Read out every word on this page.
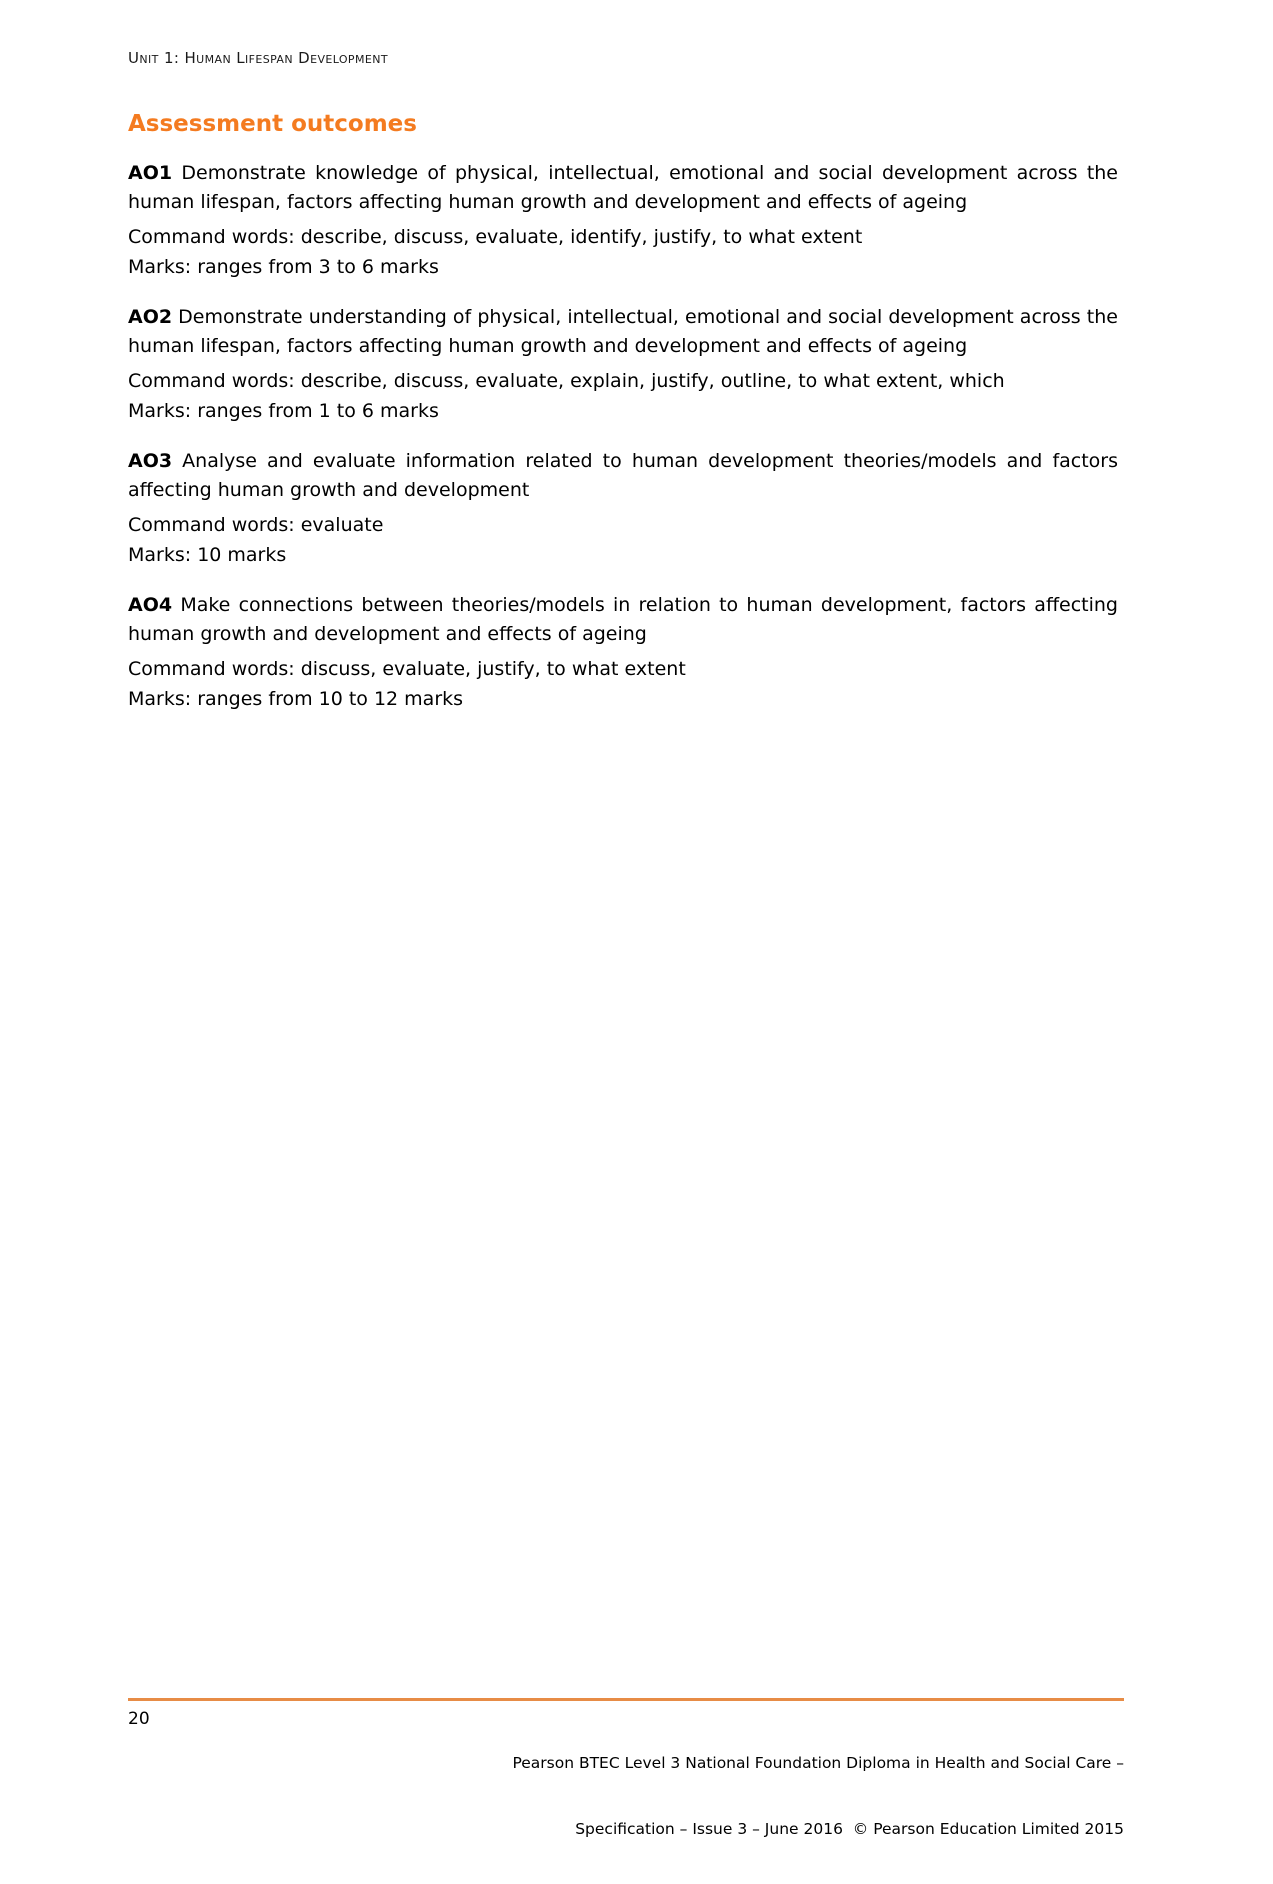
Unit 1: Human Lifespan Development
Assessment outcomes

AO1 Demonstrate knowledge of physical, intellectual, emotional and social development across the human lifespan, factors affecting human growth and development and effects of ageing

Command words: describe, discuss, evaluate, identify, justify, to what extent

Marks: ranges from 3 to 6 marks

AO2 Demonstrate understanding of physical, intellectual, emotional and social development across the human lifespan, factors affecting human growth and development and effects of ageing

Command words: describe, discuss, evaluate, explain, justify, outline, to what extent, which

Marks: ranges from 1 to 6 marks

AO3 Analyse and evaluate information related to human development theories/models and factors affecting human growth and development

Command words: evaluate

Marks: 10 marks

AO4 Make connections between theories/models in relation to human development, factors affecting human growth and development and effects of ageing

Command words: discuss, evaluate, justify, to what extent

Marks: ranges from 10 to 12 marks

20

Pearson BTEC Level 3 National Foundation Diploma in Health and Social Care –

Specification – Issue 3 – June 2016  © Pearson Education Limited 2015
